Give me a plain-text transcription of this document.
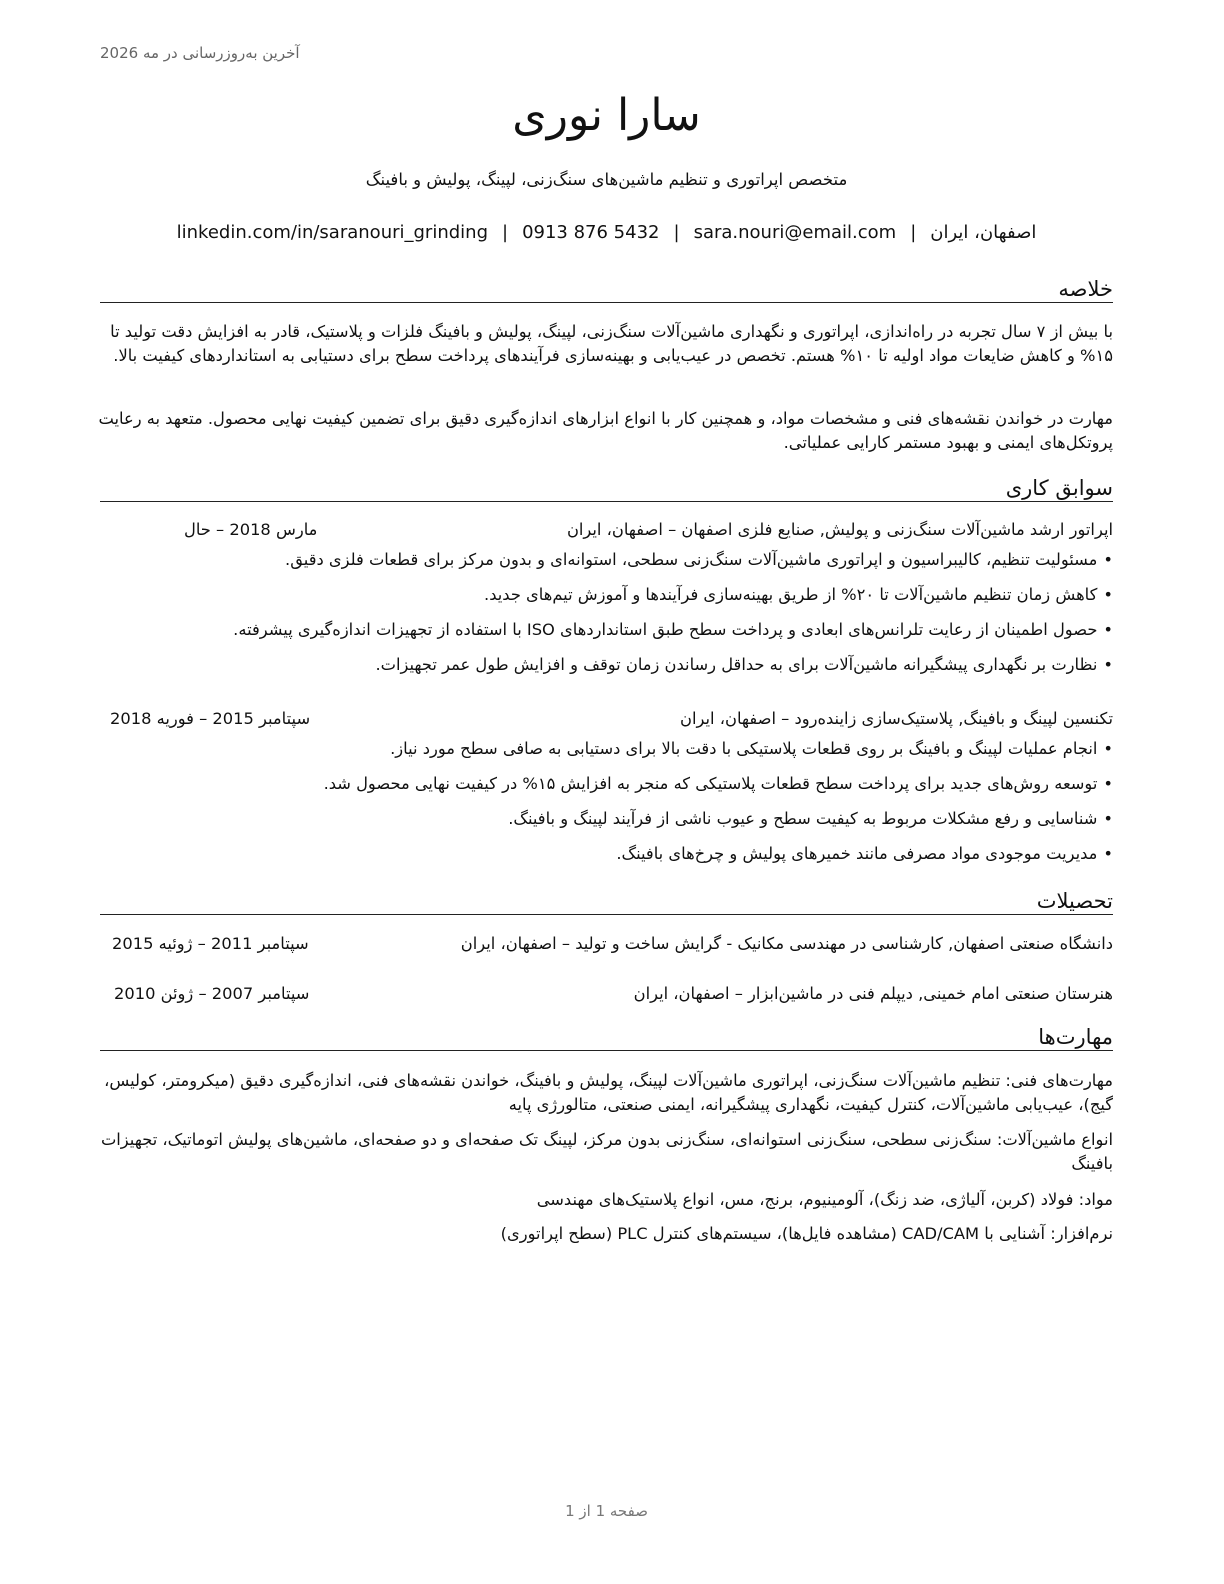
آخرین به‌روزرسانی در مه 2026
سارا نوری
متخصص اپراتوری و تنظیم ماشین‌های سنگ‌زنی، لپینگ، پولیش و بافینگ
اصفهان، ایران|sara.nouri@email.com|0913 876 5432|linkedin.com/in/saranouri_grinding
خلاصه
با بیش از ۷ سال تجربه در راه‌اندازی، اپراتوری و نگهداری ماشین‌آلات سنگ‌زنی، لپینگ، پولیش و بافینگ فلزات و پلاستیک، قادر به افزایش دقت تولید تا ۱۵% و کاهش ضایعات مواد اولیه تا ۱۰% هستم. تخصص در عیب‌یابی و بهینه‌سازی فرآیندهای پرداخت سطح برای دستیابی به استانداردهای کیفیت بالا.
مهارت در خواندن نقشه‌های فنی و مشخصات مواد، و همچنین کار با انواع ابزارهای اندازه‌گیری دقیق برای تضمین کیفیت نهایی محصول. متعهد به رعایت پروتکل‌های ایمنی و بهبود مستمر کارایی عملیاتی.
سوابق کاری
اپراتور ارشد ماشین‌آلات سنگ‌زنی و پولیش, صنایع فلزی اصفهان – اصفهان، ایران
مارس 2018 – حال
• مسئولیت تنظیم، کالیبراسیون و اپراتوری ماشین‌آلات سنگ‌زنی سطحی، استوانه‌ای و بدون مرکز برای قطعات فلزی دقیق.
• کاهش زمان تنظیم ماشین‌آلات تا ۲۰% از طریق بهینه‌سازی فرآیندها و آموزش تیم‌های جدید.
• حصول اطمینان از رعایت تلرانس‌های ابعادی و پرداخت سطح طبق استانداردهای ISO با استفاده از تجهیزات اندازه‌گیری پیشرفته.
• نظارت بر نگهداری پیشگیرانه ماشین‌آلات برای به حداقل رساندن زمان توقف و افزایش طول عمر تجهیزات.
تکنسین لپینگ و بافینگ, پلاستیک‌سازی زاینده‌رود – اصفهان، ایران
سپتامبر 2015 – فوریه 2018
• انجام عملیات لپینگ و بافینگ بر روی قطعات پلاستیکی با دقت بالا برای دستیابی به صافی سطح مورد نیاز.
• توسعه روش‌های جدید برای پرداخت سطح قطعات پلاستیکی که منجر به افزایش ۱۵% در کیفیت نهایی محصول شد.
• شناسایی و رفع مشکلات مربوط به کیفیت سطح و عیوب ناشی از فرآیند لپینگ و بافینگ.
• مدیریت موجودی مواد مصرفی مانند خمیرهای پولیش و چرخ‌های بافینگ.
تحصیلات
دانشگاه صنعتی اصفهان, کارشناسی در مهندسی مکانیک - گرایش ساخت و تولید – اصفهان، ایران
سپتامبر 2011 – ژوئیه 2015
هنرستان صنعتی امام خمینی, دیپلم فنی در ماشین‌ابزار – اصفهان، ایران
سپتامبر 2007 – ژوئن 2010
مهارت‌ها
مهارت‌های فنی: تنظیم ماشین‌آلات سنگ‌زنی، اپراتوری ماشین‌آلات لپینگ، پولیش و بافینگ، خواندن نقشه‌های فنی، اندازه‌گیری دقیق (میکرومتر، کولیس، گیج)، عیب‌یابی ماشین‌آلات، کنترل کیفیت، نگهداری پیشگیرانه، ایمنی صنعتی، متالورژی پایه
انواع ماشین‌آلات: سنگ‌زنی سطحی، سنگ‌زنی استوانه‌ای، سنگ‌زنی بدون مرکز، لپینگ تک صفحه‌ای و دو صفحه‌ای، ماشین‌های پولیش اتوماتیک، تجهیزات بافینگ
مواد: فولاد (کربن، آلیاژی، ضد زنگ)، آلومینیوم، برنج، مس، انواع پلاستیک‌های مهندسی
نرم‌افزار: آشنایی با CAD/CAM (مشاهده فایل‌ها)، سیستم‌های کنترل PLC (سطح اپراتوری)
صفحه 1 از 1
